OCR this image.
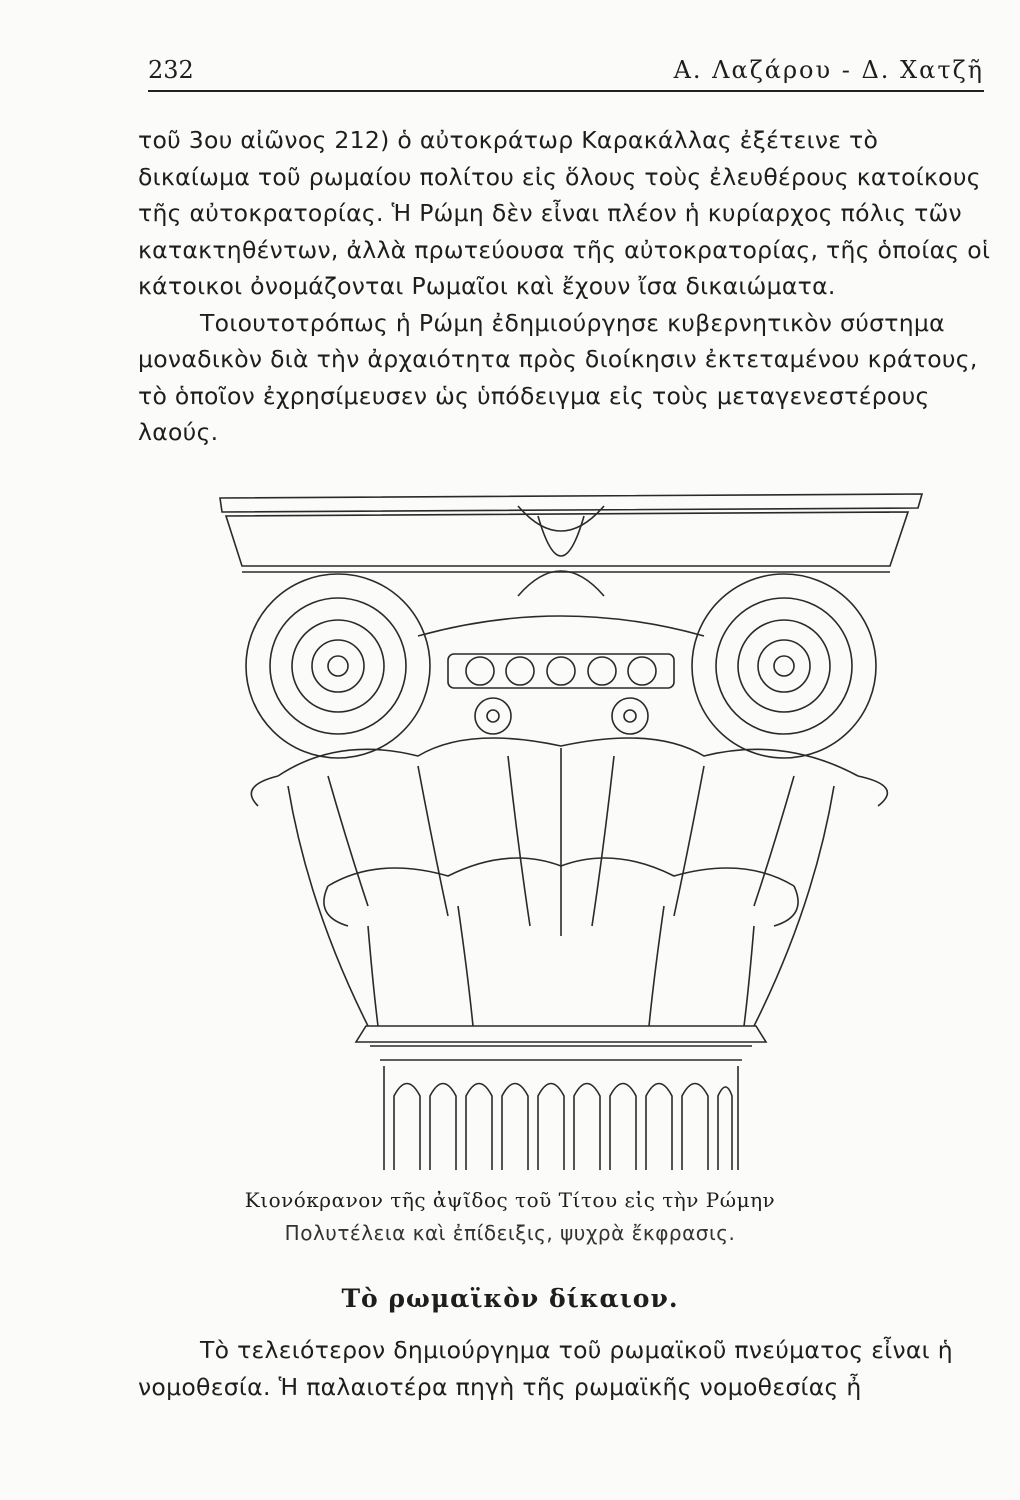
232	Α. Λαζάρου - Δ. Χατζῆ

τοῦ 3ου αἰῶνος 212) ὁ αὐτοκράτωρ Καρακάλλας ἐξέτεινε τὸ δικαίωμα τοῦ ρωμαίου πολίτου εἰς ὅλους τοὺς ἐλευθέρους κατοίκους τῆς αὐτοκρατορίας. Ἡ Ρώμη δὲν εἶναι πλέον ἡ κυρίαρχος πόλις τῶν κατακτηθέντων, ἀλλὰ πρωτεύουσα τῆς αὐτοκρατορίας, τῆς ὁποίας οἱ κάτοικοι ὀνομάζονται Ρωμαῖοι καὶ ἔχουν ἴσα δικαιώματα.

Τοιουτοτρόπως ἡ Ρώμη ἐδημιούργησε κυβερνητικὸν σύστημα μοναδικὸν διὰ τὴν ἀρχαιότητα πρὸς διοίκησιν ἐκτεταμένου κράτους, τὸ ὁποῖον ἐχρησίμευσεν ὡς ὑπόδειγμα εἰς τοὺς μεταγενεστέρους λαούς.

Κιονόκρανον τῆς ἀψῖδος τοῦ Τίτου εἰς τὴν Ρώμην
Πολυτέλεια καὶ ἐπίδειξις, ψυχρὰ ἔκφρασις.
Τὸ ρωμαϊκὸν δίκαιον.

Τὸ τελειότερον δημιούργημα τοῦ ρωμαϊκοῦ πνεύματος εἶναι ἡ νομοθεσία. Ἡ παλαιοτέρα πηγὴ τῆς ρωμαϊκῆς νομοθεσίας ἦ
